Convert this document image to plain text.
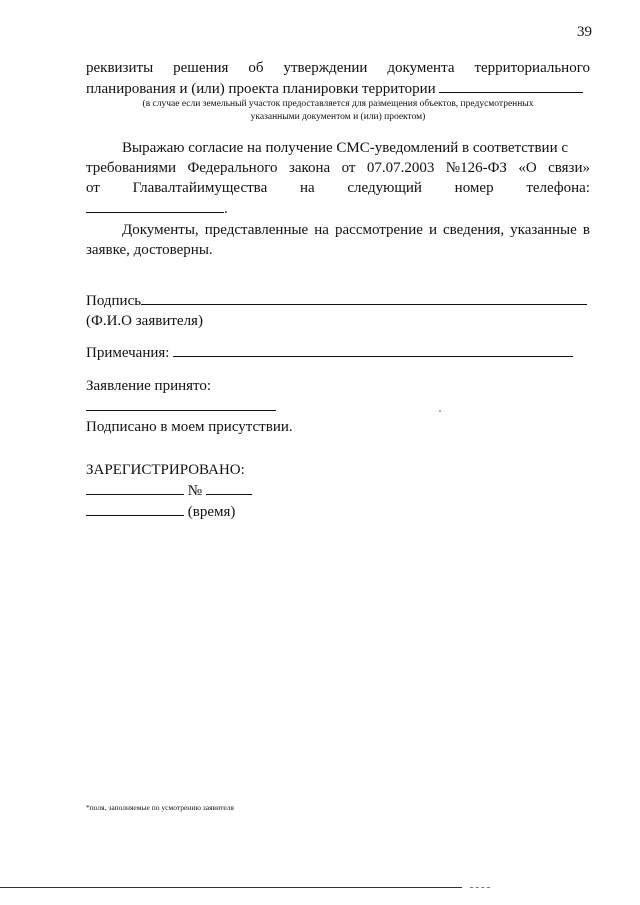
39
реквизиты решения об утверждении документа территориального
планирования и (или) проекта планировки территории
(в случае если земельный участок предоставляется для размещения объектов, предусмотренных
указанными документом и (или) проектом)
Выражаю согласие на получение СМС-уведомлений в соответствии с
требованиями Федерального закона от 07.07.2003 №126-ФЗ «О связи»
от Главалтайимущества на следующий номер телефона:
.
Документы, представленные на рассмотрение и сведения, указанные в
заявке, достоверны.
Подпись
(Ф.И.О заявителя)
Примечания:
Заявление принято:
Подписано в моем присутствии.
ЗАРЕГИСТРИРОВАНО:
№
(время)
*поля, заполняемые по усмотрению заявителя
